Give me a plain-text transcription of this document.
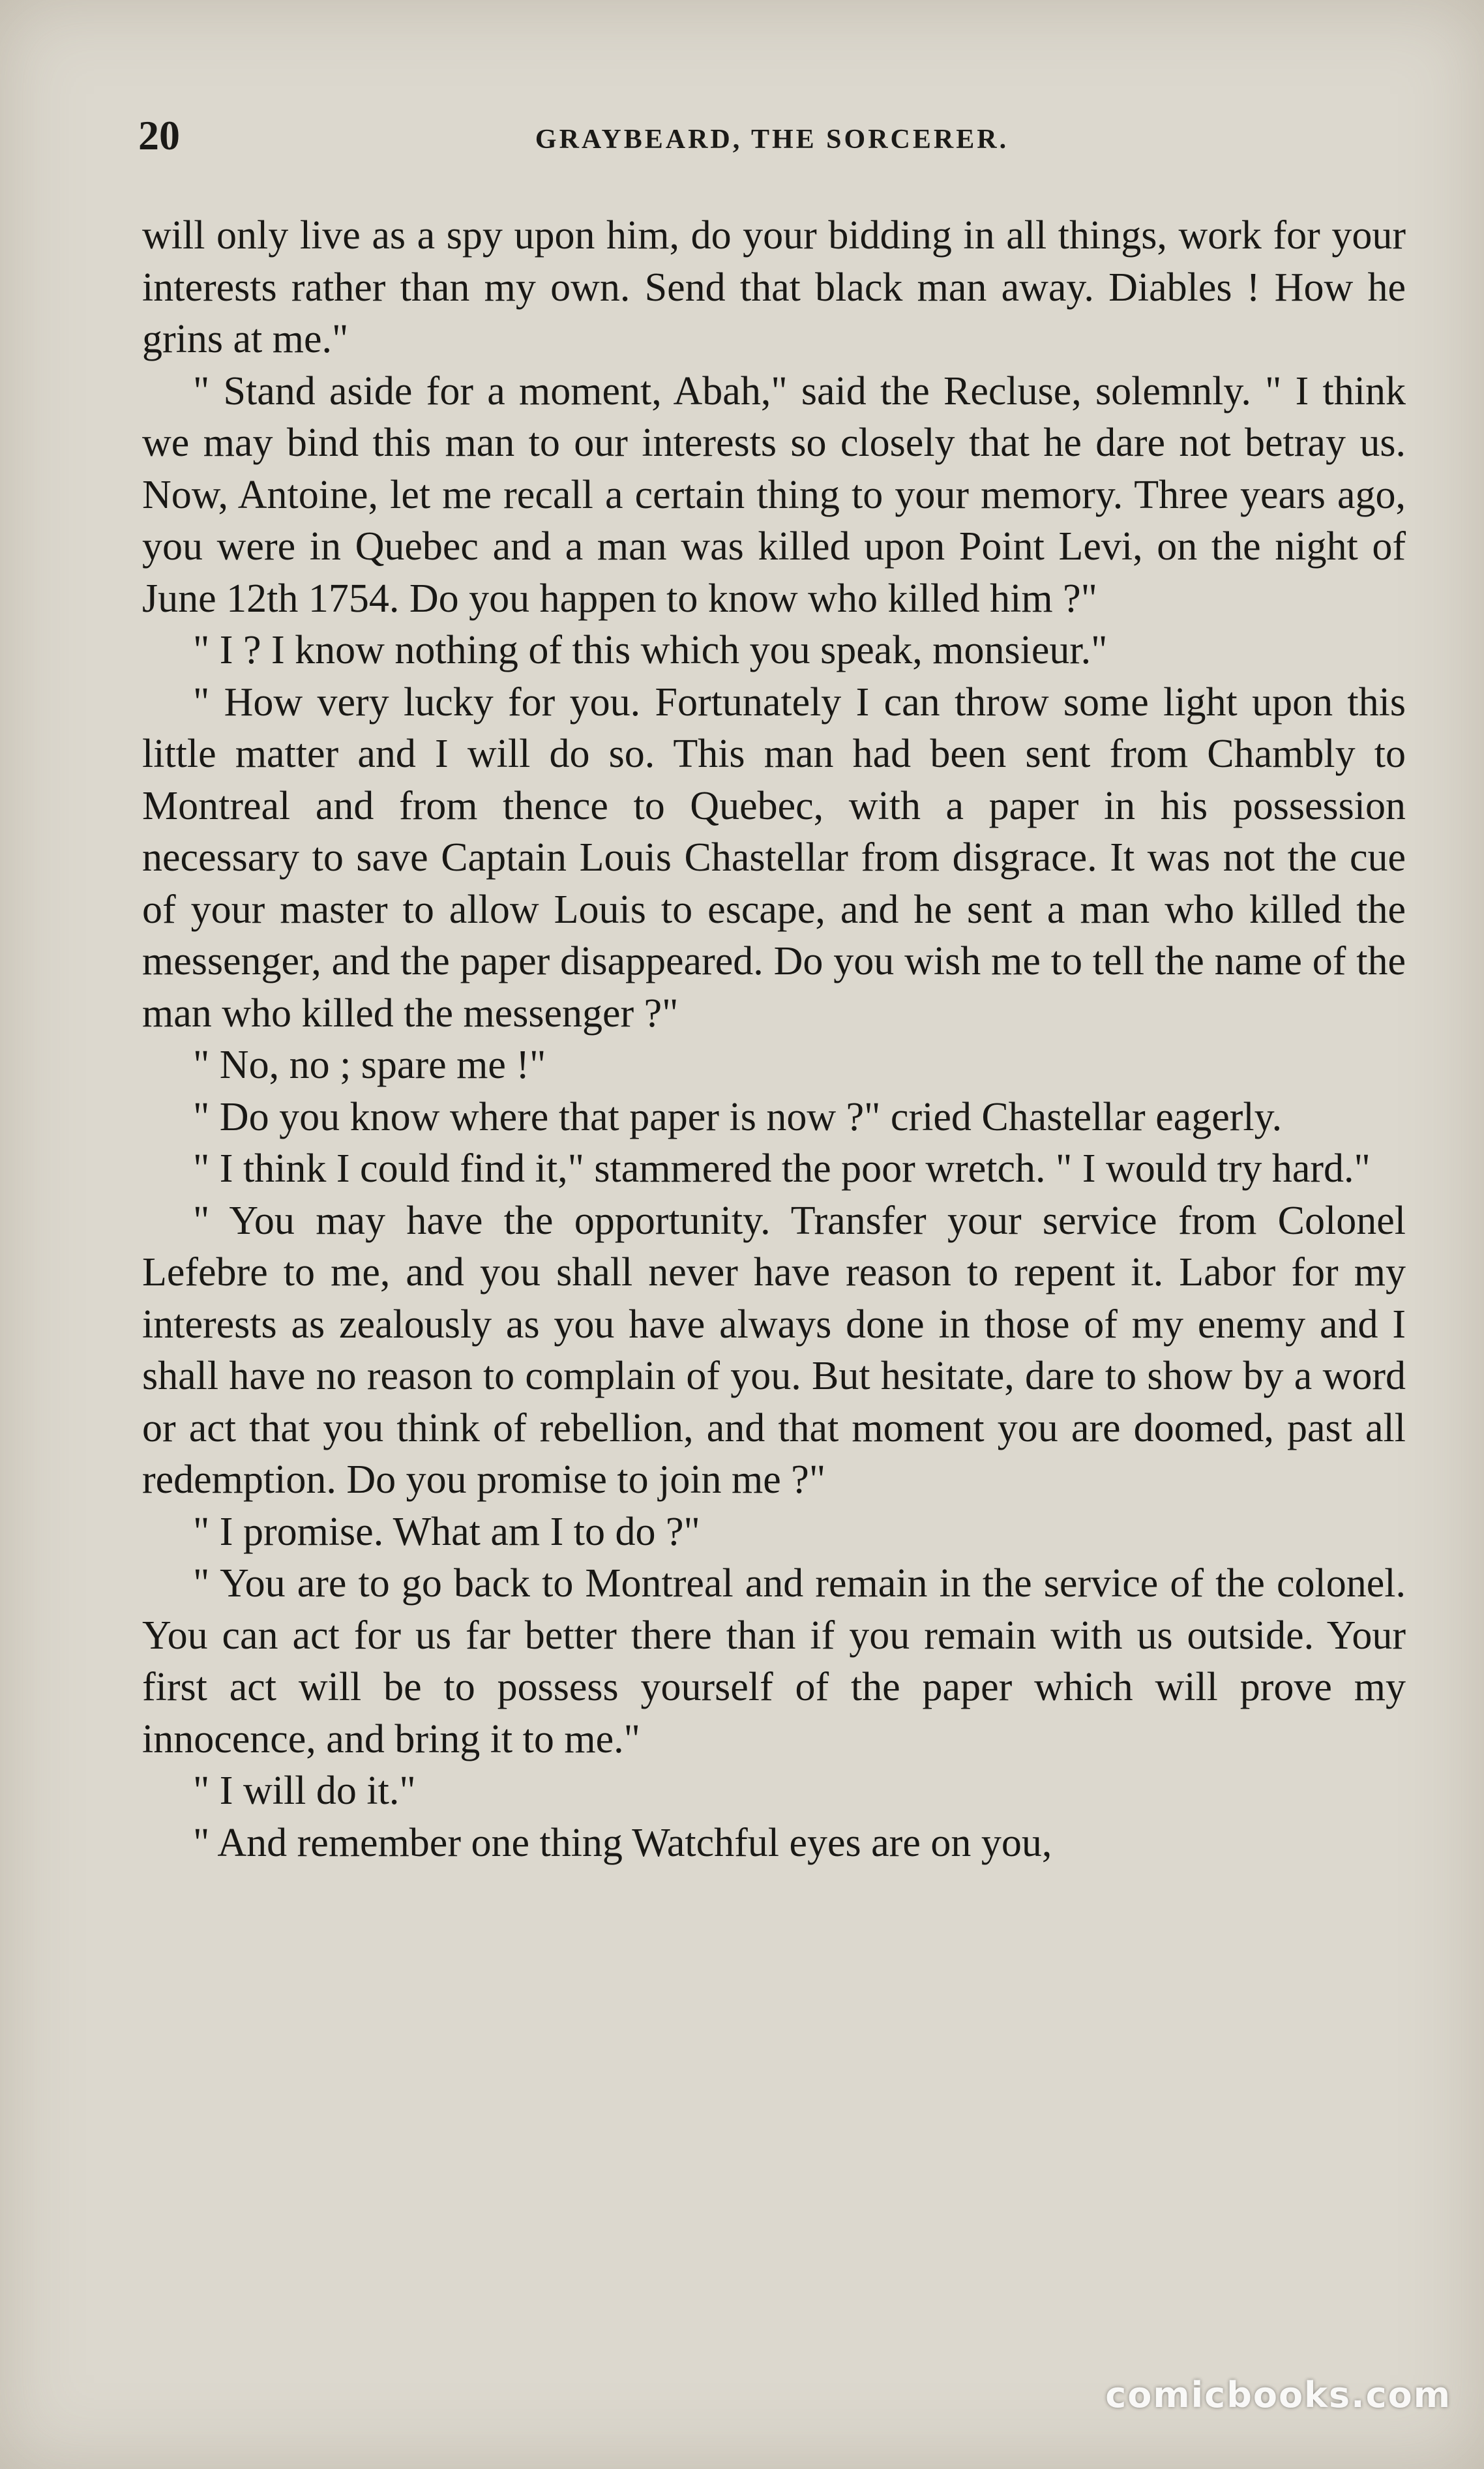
20	GRAYBEARD, THE SORCERER.

will only live as a spy upon him, do your bidding in all things, work for your interests rather than my own. Send that black man away. Diables ! How he grins at me."

" Stand aside for a moment, Abah," said the Recluse, solemnly. " I think we may bind this man to our interests so closely that he dare not betray us. Now, Antoine, let me recall a certain thing to your memory. Three years ago, you were in Quebec and a man was killed upon Point Levi, on the night of June 12th 1754. Do you happen to know who killed him ?"

" I ? I know nothing of this which you speak, monsieur."

" How very lucky for you. Fortunately I can throw some light upon this little matter and I will do so. This man had been sent from Chambly to Montreal and from thence to Quebec, with a paper in his possession necessary to save Captain Louis Chastellar from disgrace. It was not the cue of your master to allow Louis to escape, and he sent a man who killed the messenger, and the paper disappeared. Do you wish me to tell the name of the man who killed the messenger ?"

" No, no ; spare me !"

" Do you know where that paper is now ?" cried Chastellar eagerly.

" I think I could find it," stammered the poor wretch. " I would try hard."

" You may have the opportunity. Transfer your service from Colonel Lefebre to me, and you shall never have reason to repent it. Labor for my interests as zealously as you have always done in those of my enemy and I shall have no reason to complain of you. But hesitate, dare to show by a word or act that you think of rebellion, and that moment you are doomed, past all redemption. Do you promise to join me ?"

" I promise. What am I to do ?"

" You are to go back to Montreal and remain in the service of the colonel. You can act for us far better there than if you remain with us outside. Your first act will be to possess yourself of the paper which will prove my innocence, and bring it to me."

" I will do it."

" And remember one thing Watchful eyes are on you,

comicbooks.com
